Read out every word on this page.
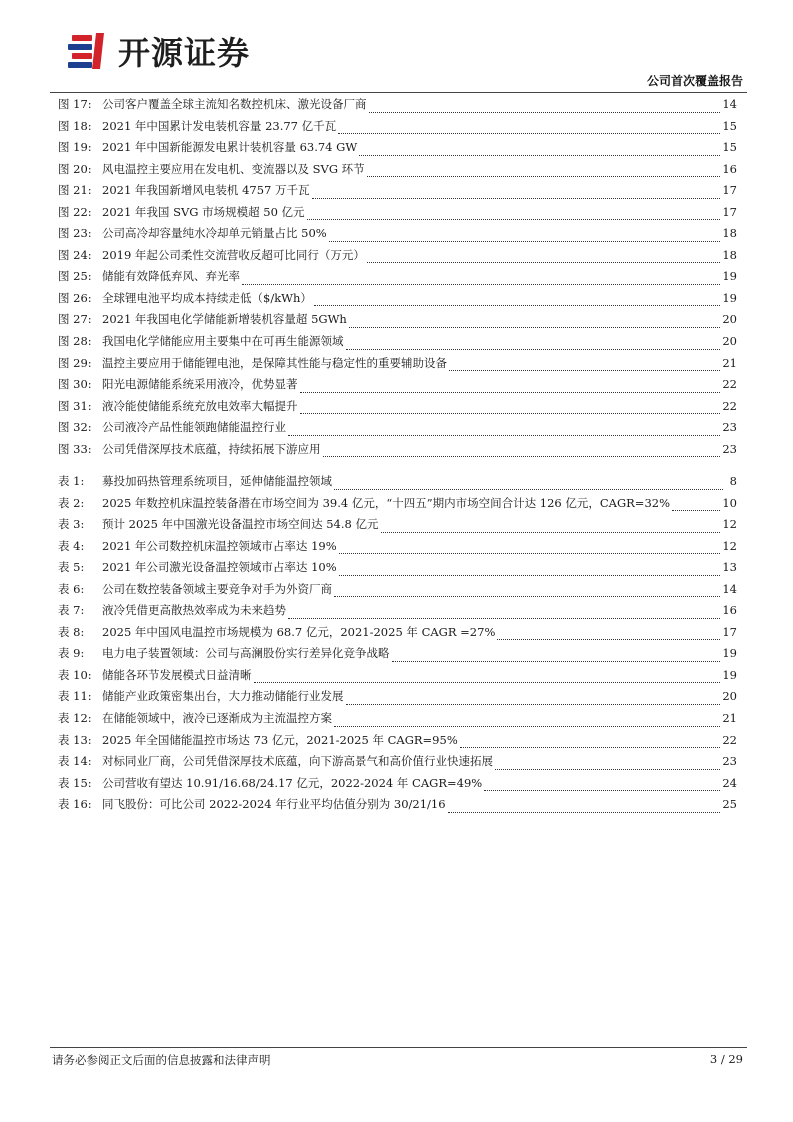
开源证券
公司首次覆盖报告
图 17: 公司客户覆盖全球主流知名数控机床、激光设备厂商	14
图 18: 2021 年中国累计发电装机容量 23.77 亿千瓦	15
图 19: 2021 年中国新能源发电累计装机容量 63.74 GW	15
图 20: 风电温控主要应用在发电机、变流器以及 SVG 环节	16
图 21: 2021 年我国新增风电装机 4757 万千瓦	17
图 22: 2021 年我国 SVG 市场规模超 50 亿元	17
图 23: 公司高冷却容量纯水冷却单元销量占比 50%	18
图 24: 2019 年起公司柔性交流营收反超可比同行（万元）	18
图 25: 储能有效降低弃风、弃光率	19
图 26: 全球锂电池平均成本持续走低（$/kWh）	19
图 27: 2021 年我国电化学储能新增装机容量超 5GWh	20
图 28: 我国电化学储能应用主要集中在可再生能源领域	20
图 29: 温控主要应用于储能锂电池，是保障其性能与稳定性的重要辅助设备	21
图 30: 阳光电源储能系统采用液冷，优势显著	22
图 31: 液冷能使储能系统充放电效率大幅提升	22
图 32: 公司液冷产品性能领跑储能温控行业	23
图 33: 公司凭借深厚技术底蕴，持续拓展下游应用	23
表 1:	募投加码热管理系统项目，延伸储能温控领域	8
表 2:	2025 年数控机床温控装备潜在市场空间为 39.4 亿元，“十四五”期内市场空间合计达 126 亿元，CAGR=32%	10
表 3:	预计 2025 年中国激光设备温控市场空间达 54.8 亿元	12
表 4:	2021 年公司数控机床温控领域市占率达 19%	12
表 5:	2021 年公司激光设备温控领域市占率达 10%	13
表 6:	公司在数控装备领域主要竞争对手为外资厂商	14
表 7:	液冷凭借更高散热效率成为未来趋势	16
表 8:	2025 年中国风电温控市场规模为 68.7 亿元，2021-2025 年 CAGR =27%	17
表 9:	电力电子装置领域：公司与高澜股份实行差异化竞争战略	19
表 10: 储能各环节发展模式日益清晰	19
表 11: 储能产业政策密集出台，大力推动储能行业发展	20
表 12: 在储能领域中，液冷已逐渐成为主流温控方案	21
表 13: 2025 年全国储能温控市场达 73 亿元，2021-2025 年 CAGR=95%	22
表 14: 对标同业厂商，公司凭借深厚技术底蕴，向下游高景气和高价值行业快速拓展	23
表 15: 公司营收有望达 10.91/16.68/24.17 亿元，2022-2024 年 CAGR=49%	24
表 16: 同飞股份：可比公司 2022-2024 年行业平均估值分别为 30/21/16	25
请务必参阅正文后面的信息披露和法律声明	3 / 29
